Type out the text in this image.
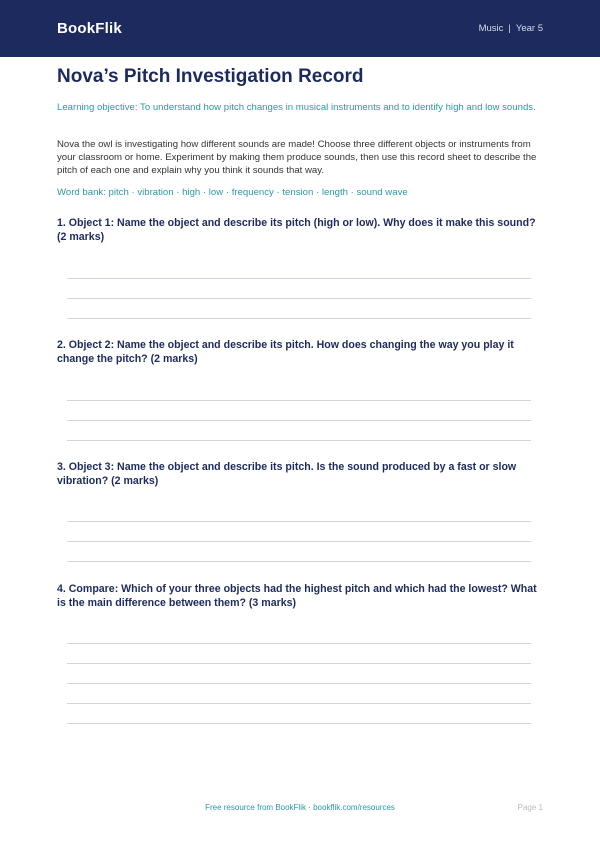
BookFlik	Music | Year 5
Nova’s Pitch Investigation Record

Learning objective: To understand how pitch changes in musical instruments and to identify high and low sounds.

Nova the owl is investigating how different sounds are made! Choose three different objects or instruments from your classroom or home. Experiment by making them produce sounds, then use this record sheet to describe the pitch of each one and explain why you think it sounds that way.

Word bank: pitch · vibration · high · low · frequency · tension · length · sound wave

1. Object 1: Name the object and describe its pitch (high or low). Why does it make this sound? (2 marks)

2. Object 2: Name the object and describe its pitch. How does changing the way you play it change the pitch? (2 marks)

3. Object 3: Name the object and describe its pitch. Is the sound produced by a fast or slow vibration? (2 marks)

4. Compare: Which of your three objects had the highest pitch and which had the lowest? What is the main difference between them? (3 marks)

Free resource from BookFlik · bookflik.com/resources	Page 1
